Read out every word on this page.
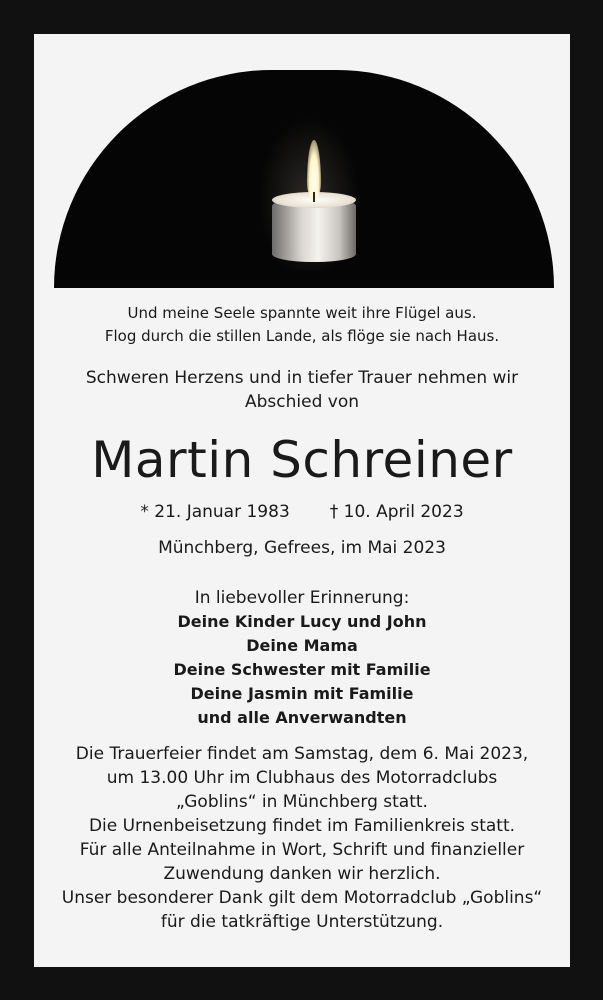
Und meine Seele spannte weit ihre Flügel aus.

Flog durch die stillen Lande, als flöge sie nach Haus.

Schweren Herzens und in tiefer Trauer nehmen wir

Abschied von

Martin Schreiner
* 21. Januar 1983 † 10. April 2023
Münchberg, Gefrees, im Mai 2023
In liebevoller Erinnerung:

Deine Kinder Lucy und John

Deine Mama

Deine Schwester mit Familie

Deine Jasmin mit Familie

und alle Anverwandten

Die Trauerfeier findet am Samstag, dem 6. Mai 2023,

um 13.00 Uhr im Clubhaus des Motorradclubs

„Goblins“ in Münchberg statt.

Die Urnenbeisetzung findet im Familienkreis statt.

Für alle Anteilnahme in Wort, Schrift und finanzieller

Zuwendung danken wir herzlich.

Unser besonderer Dank gilt dem Motorradclub „Goblins“

für die tatkräftige Unterstützung.
